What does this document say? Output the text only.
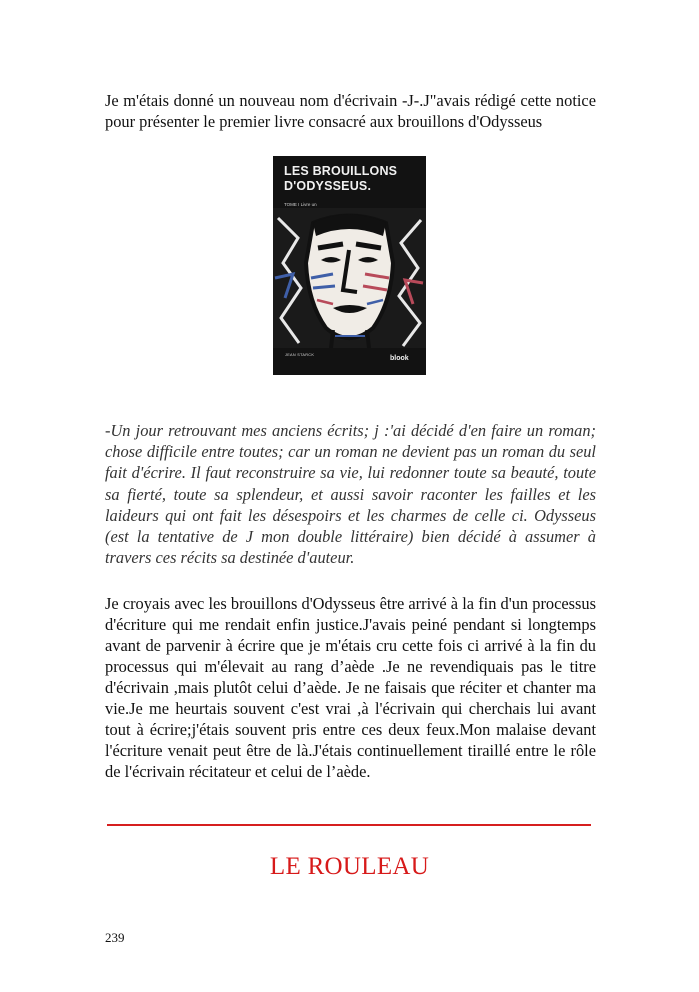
Je m'étais donné un nouveau nom d'écrivain -J-.J"avais rédigé cette notice pour présenter le premier livre consacré aux brouillons d'Odysseus

LES BROUILLONS D'ODYSSEUS.
TOME I Livre un
JEAN STARCK	blook

-Un jour retrouvant mes anciens écrits; j :'ai décidé d'en faire un roman; chose difficile entre toutes; car un roman ne devient pas un roman du seul fait d'écrire. Il faut reconstruire sa vie, lui redonner toute sa beauté, toute sa fierté, toute sa splendeur, et aussi savoir raconter les failles et les laideurs qui ont fait les désespoirs et les charmes de celle ci. Odysseus (est la tentative de J mon double littéraire) bien décidé à assumer à travers ces récits sa destinée d'auteur.

Je croyais avec les brouillons d'Odysseus être arrivé à la fin d'un processus d'écriture qui me rendait enfin justice.J'avais peiné pendant si longtemps avant de parvenir à écrire que je m'étais cru cette fois ci arrivé à la fin du processus qui m'élevait au rang d’aède .Je ne revendiquais pas le titre d'écrivain ,mais plutôt celui d’aède. Je ne faisais que réciter et chanter ma vie.Je me heurtais souvent c'est vrai ,à l'écrivain qui cherchais lui avant tout à écrire;j'étais souvent pris entre ces deux feux.Mon malaise devant l'écriture venait peut être de là.J'étais continuellement tiraillé entre le rôle de l'écrivain récitateur et celui de l’aède.

LE ROULEAU
239
